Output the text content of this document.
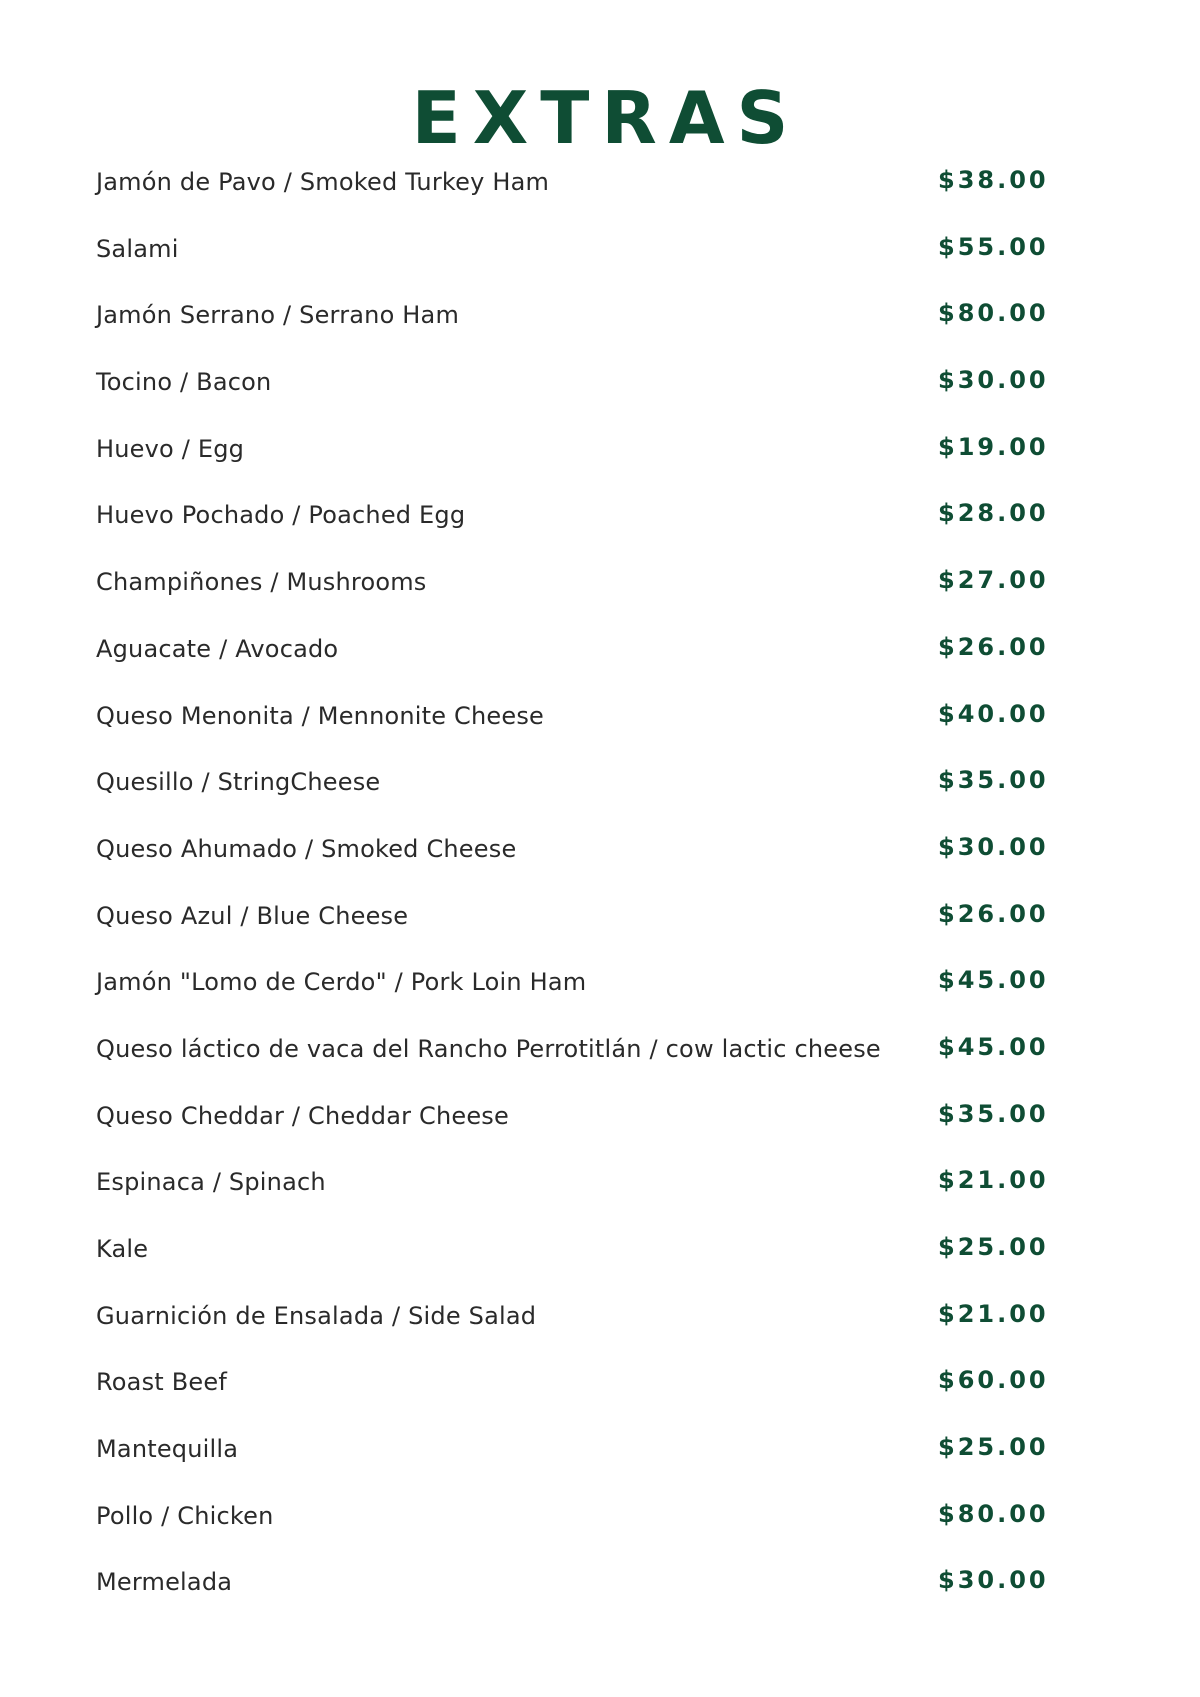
EXTRAS
Jamón de Pavo / Smoked Turkey Ham	$38.00
Salami	$55.00
Jamón Serrano / Serrano Ham	$80.00
Tocino / Bacon	$30.00
Huevo / Egg	$19.00
Huevo Pochado / Poached Egg	$28.00
Champiñones / Mushrooms	$27.00
Aguacate / Avocado	$26.00
Queso Menonita / Mennonite Cheese	$40.00
Quesillo / StringCheese	$35.00
Queso Ahumado / Smoked Cheese	$30.00
Queso Azul / Blue Cheese	$26.00
Jamón "Lomo de Cerdo" / Pork Loin Ham	$45.00
Queso láctico de vaca del Rancho Perrotitlán / cow lactic cheese $45.00
Queso Cheddar / Cheddar Cheese	$35.00
Espinaca / Spinach	$21.00
Kale	$25.00
Guarnición de Ensalada / Side Salad	$21.00
Roast Beef	$60.00
Mantequilla	$25.00
Pollo / Chicken	$80.00
Mermelada	$30.00
